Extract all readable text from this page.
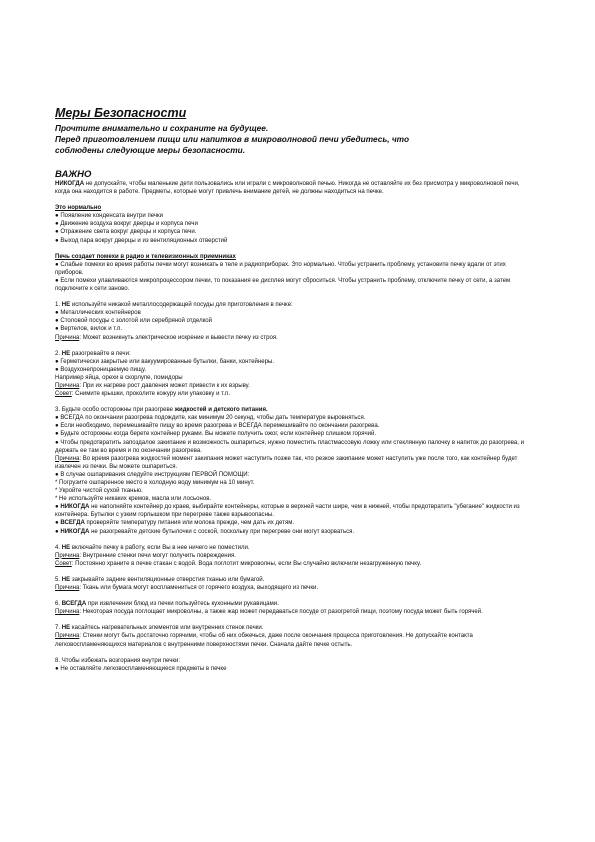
Меры Безопасности
Прочтите внимательно и сохраните на будущее.
Перед приготовлением пищи или напитков в микроволновой печи убедитесь, что
соблюдены следующие меры безопасности.
ВАЖНО

НИКОГДА не допускайте, чтобы маленькие дети пользовались или играли с микроволновой печью. Никогда не оставляйте их без присмотра у микроволновой печи, когда она находится в работе. Предметы, которые могут привлечь внимание детей, не должны находиться на печке.

Это нормально
● Появление конденсата внутри печки
● Движение воздуха вокруг дверцы и корпуса печи
● Отражение света вокруг дверцы и корпуса печи.
● Выход пара вокруг дверцы и из вентиляционных отверстий
Печь создает помехи в радио и телевизионных приемниках
● Слабые помехи во время работы печки могут возникать в теле и радиоприборах. Это нормально. Чтобы устранить проблему, установите печку вдали от этих приборов.
● Если помехи улавливаются микропроцессором печки, то показания ее дисплея могут сброситься. Чтобы устранить проблему, отключите печку от сети, а затем подключите к сети заново.
1. НЕ используйте никакой металлосодержащей посуды для приготовления в печке:
● Металлических контейнеров
● Столовой посуды с золотой или серебряной отделкой
● Вертелов, вилок и т.п.
Причина: Может возникнуть электрическое искрение и вывести печку из строя.
2. НЕ разогревайте в печи:
● Герметически закрытые или вакуумированные бутылки, банки, контейнеры.
● Воздухонепроницаемую пищу.
Например яйца, орехи в скорлупе, помидоры
Причина: При их нагреве рост давления может привести к их взрыву.
Совет: Снимите крышки, проколите кожуру или упаковку и т.п.
3. Будьте особо осторожны при разогреве жидкостей и детского питания.
● ВСЕГДА по окончании разогрева подождите, как минимум 20 секунд, чтобы дать температуре выровняться.
● Если необходимо, перемешивайте пищу во время разогрева и ВСЕГДА перемешивайте по окончании разогрева.
● Будьте осторожны когда берете контейнер руками. Вы можете получить ожог, если контейнер слишком горячий.
● Чтобы предотвратить запоздалое закипание и возможность ошпариться, нужно поместить пластмассовую ложку или стеклянную палочку в напиток до разогрева, и держать ее там во время и по окончании разогрева.
Причина: Во время разогрева жидкостей момент закипания может наступить позже так, что резкое закипание может наступить уже после того, как контейнер будет извлечен из печки. Вы можете ошпариться.
● В случае ошпаривания следуйте инструкциям ПЕРВОЙ ПОМОЩИ:
* Погрузите ошпаренное место в холодную воду минимум на 10 минут.
* Укройте чистой сухой тканью.
* Не используйте никаких кремов, масла или лосьонов.
● НИКОГДА не наполняйте контейнер до краев, выбирайте контейнеры, которые в верхней части шире, чем в нижней, чтобы предотвратить "убегание" жидкости из контейнера. Бутылки с узким горлышком при перегреве также взрывоопасны.
● ВСЕГДА проверяйте температуру питания или молока прежде, чем дать их детям.
● НИКОГДА не разогревайте детские бутылочки с соской, поскольку при перегреве они могут взорваться.
4. НЕ включайте печку в работу, если Вы в нее ничего не поместили.
Причина: Внутренние стенки печи могут получить повреждения.
Совет: Постоянно храните в печке стакан с водой. Вода поглотит микроволны, если Вы случайно включили незагруженную печку.
5. НЕ закрывайте задние вентиляционные отверстия тканью или бумагой.
Причина: Ткань или бумага могут воспламениться от горячего воздуха, выходящего из печки.
6. ВСЕГДА при извлечении блюд из печки пользуйтесь кухонными рукавицами.
Причина: Некоторая посуда поглощает микроволны, а также жар может передаваться посуде от разогретой пищи, поэтому посуда может быть горячей.
7. НЕ касайтесь нагревательных элементов или внутренних стенок печки.
Причина: Стенки могут быть достаточно горячими, чтобы об них обжечься, даже после окончания процесса приготовления. Не допускайте контакта легковоспламеняющихся материалов с внутренними поверхностями печки. Сначала дайте печке остыть.
8. Чтобы избежать возгорания внутри печки:
● Не оставляйте легковоспламеняющиеся предметы в печке
